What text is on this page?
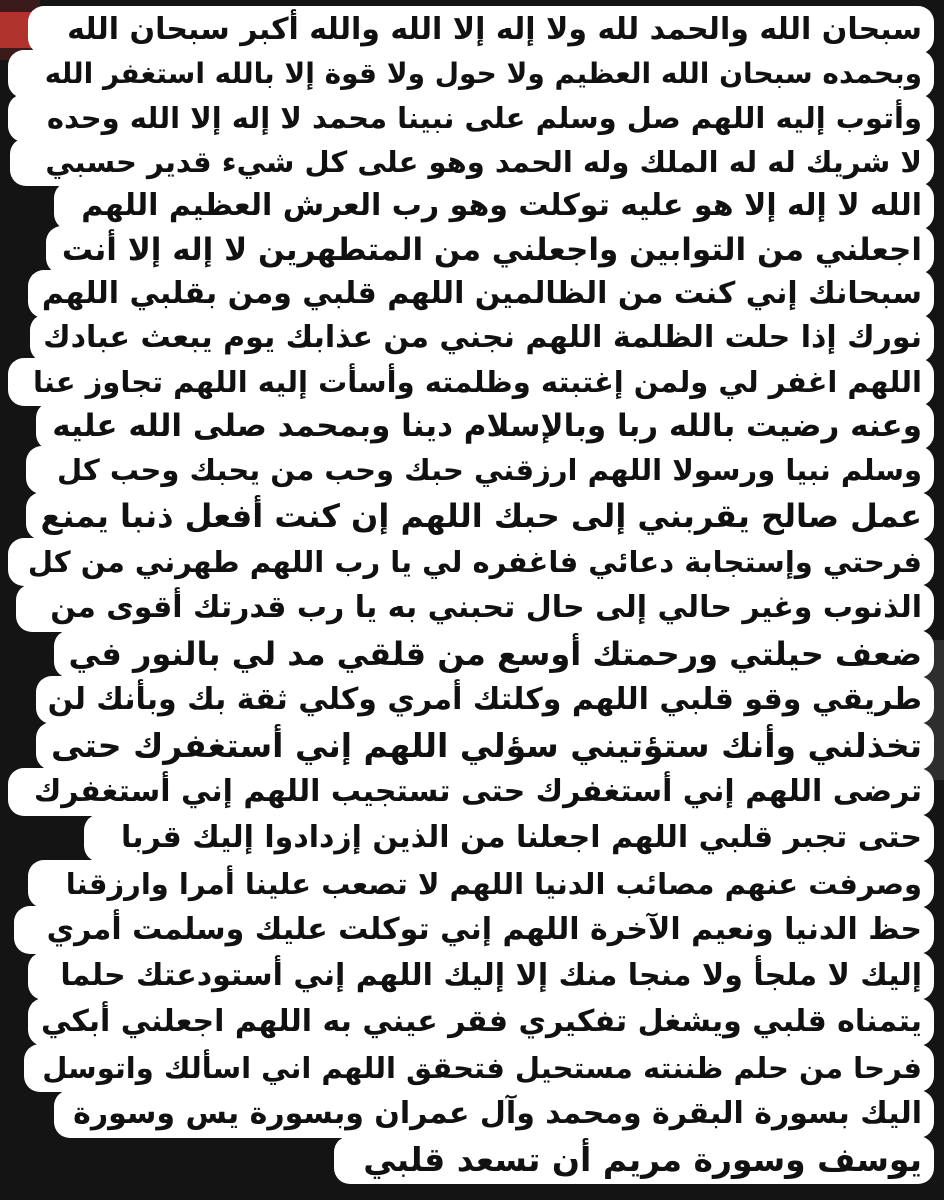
سبحان الله والحمد لله ولا إله إلا الله والله أكبر سبحان الله
وبحمده سبحان الله العظيم ولا حول ولا قوة إلا بالله استغفر الله
وأتوب إليه اللهم صل وسلم على نبينا محمد لا إله إلا الله وحده
لا شريك له له الملك وله الحمد وهو على كل شيء قدير حسبي
الله لا إله إلا هو عليه توكلت وهو رب العرش العظيم اللهم
اجعلني من التوابين واجعلني من المتطهرين لا إله إلا أنت
سبحانك إني كنت من الظالمين اللهم قلبي ومن بقلبي اللهم
نورك إذا حلت الظلمة اللهم نجني من عذابك يوم يبعث عبادك
اللهم اغفر لي ولمن إغتبته وظلمته وأسأت إليه اللهم تجاوز عنا
وعنه رضيت بالله ربا وبالإسلام دينا وبمحمد صلى الله عليه
وسلم نبيا ورسولا اللهم ارزقني حبك وحب من يحبك وحب كل
عمل صالح يقربني إلى حبك اللهم إن كنت أفعل ذنبا يمنع
فرحتي وإستجابة دعائي فاغفره لي يا رب اللهم طهرني من كل
الذنوب وغير حالي إلى حال تحبني به يا رب قدرتك أقوى من
ضعف حيلتي ورحمتك أوسع من قلقي مد لي بالنور في
طريقي وقو قلبي اللهم وكلتك أمري وكلي ثقة بك وبأنك لن
تخذلني وأنك ستؤتيني سؤلي اللهم إني أستغفرك حتى
ترضى اللهم إني أستغفرك حتى تستجيب اللهم إني أستغفرك
حتى تجبر قلبي اللهم اجعلنا من الذين إزدادوا إليك قربا
وصرفت عنهم مصائب الدنيا اللهم لا تصعب علينا أمرا وارزقنا
حظ الدنيا ونعيم الآخرة اللهم إني توكلت عليك وسلمت أمري
إليك لا ملجأ ولا منجا منك إلا إليك اللهم إني أستودعتك حلما
يتمناه قلبي ويشغل تفكيري فقر عيني به اللهم اجعلني أبكي
فرحا من حلم ظننته مستحيل فتحقق اللهم اني اسألك واتوسل
اليك بسورة البقرة ومحمد وآل عمران وبسورة يس وسورة
يوسف وسورة مريم أن تسعد قلبي
